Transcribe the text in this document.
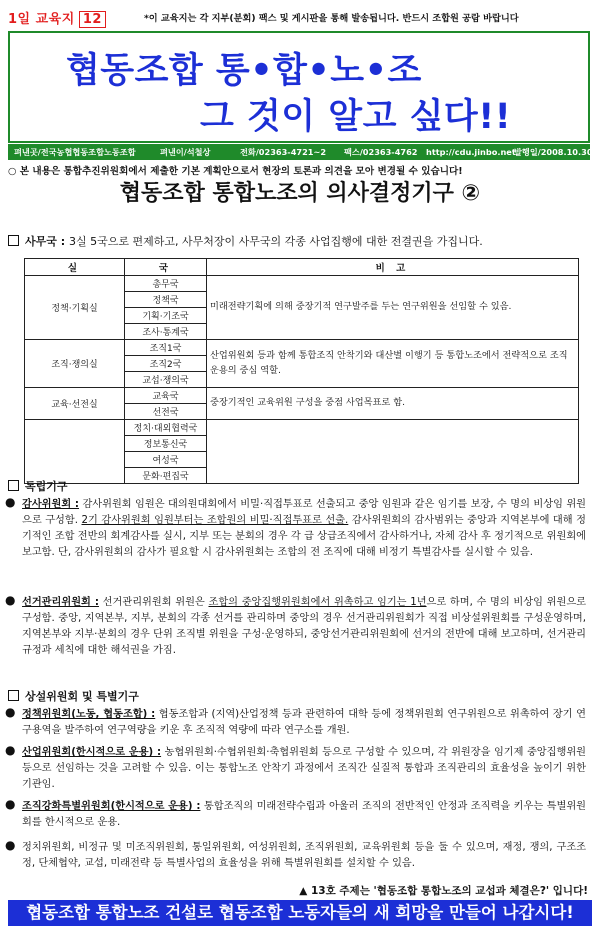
1일 교육지 12	*이 교육지는 각 지부(분회) 팩스 및 게시판을 통해 발송됩니다. 반드시 조합원 공람 바랍니다
협동조합 통•합•노•조
그 것이 알고 싶다!!
펴낸곳/전국농협협동조합노동조합	펴낸이/석철상	전화/02363-4721~2 팩스/02363-4762 http://cdu.jinbo.net
발행일/2008.10.30
○ 본 내용은 통합추진위원회에서 제출한 기본 계획안으로서 현장의 토론과 의견을 모아 변경될 수 있습니다!
협동조합 통합노조의 의사결정기구 ②
사무국 : 3실 5국으로 편제하고, 사무처장이 사무국의 각종 사업집행에 대한 전결권을 가집니다.
실	국	비 고
정책·기획실	총무국	미래전략기획에 의해 중장기적 연구발주를 두는 연구위원을 선임할 수 있음.
	정책국	
	기획·기조국	
	조사·통계국	
조직·쟁의실	조직1국	산업위원회 등과 함께 통합조직 안착기와 대산별 이행기 등 통합노조에서 전략적으로 조직운용의 중심 역할.
	조직2국	
	교섭·쟁의국	
교육·선전실	교육국	중장기적인 교육위원 구성을 중점 사업목표로 함.
	선전국	
	정치·대외협력국	
	정보통신국	
	여성국	
	문화·편집국	
독립기구
● 감사위원회 : 감사위원회 임원은 대의원대회에서 비밀·직접투표로 선출되고 중앙 임원과 같은 임기를 보장, 수 명의 비상임 위원으로 구성함. 2기 감사위원회 임원부터는 조합원의 비밀·직접투표로 선출. 감사위원회의 감사범위는 중앙과 지역본부에 대해 정기적인 조합 전반의 회계감사를 실시, 지부 또는 분회의 경우 각 급 상급조직에서 감사하거나, 자체 감사 후 정기적으로 위원회에 보고함. 단, 감사위원회의 감사가 필요할 시 감사위원회는 조합의 전 조직에 대해 비정기 특별감사를 실시할 수 있음.
● 선거관리위원회 : 선거관리위원회 위원은 조합의 중앙집행위원회에서 위촉하고 임기는 1년으로 하며, 수 명의 비상임 위원으로 구성함. 중앙, 지역본부, 지부, 분회의 각종 선거를 관리하며 중앙의 경우 선거관리위원회가 직접 비상설위원회를 구성운영하며, 지역본부와 지부·분회의 경우 단위 조직별 위원을 구성·운영하되, 중앙선거관리위원회에 선거의 전반에 대해 보고하며, 선거관리 규정과 세칙에 대한 해석권을 가짐.
상설위원회 및 특별기구
● 정책위원회(노동, 협동조합) : 협동조합과 (지역)산업정책 등과 관련하여 대학 등에 정책위원회 연구위원으로 위촉하여 장기 연구용역을 발주하여 연구역량을 키운 후 조직적 역량에 따라 연구소를 개원.
● 산업위원회(한시적으로 운용) : 농협위원회·수협위원회·축협위원회 등으로 구성할 수 있으며, 각 위원장을 임기제 중앙집행위원 등으로 선임하는 것을 고려할 수 있음. 이는 통합노조 안착기 과정에서 조직간 실질적 통합과 조직관리의 효율성을 높이기 위한 기관임.
● 조직강화특별위원회(한시적으로 운용) : 통합조직의 미래전략수립과 아울러 조직의 전반적인 안정과 조직력을 키우는 특별위원회를 한시적으로 운용.
● 정치위원회, 비정규 및 미조직위원회, 통일위원회, 여성위원회, 조직위원회, 교육위원회 등을 둘 수 있으며, 재정, 쟁의, 구조조정, 단체협약, 교섭, 미래전략 등 특별사업의 효율성을 위해 특별위원회를 설치할 수 있음.
▲ 13호 주제는 '협동조합 통합노조의 교섭과 체결은?' 입니다!
협동조합 통합노조 건설로 협동조합 노동자들의 새 희망을 만들어 나갑시다!
